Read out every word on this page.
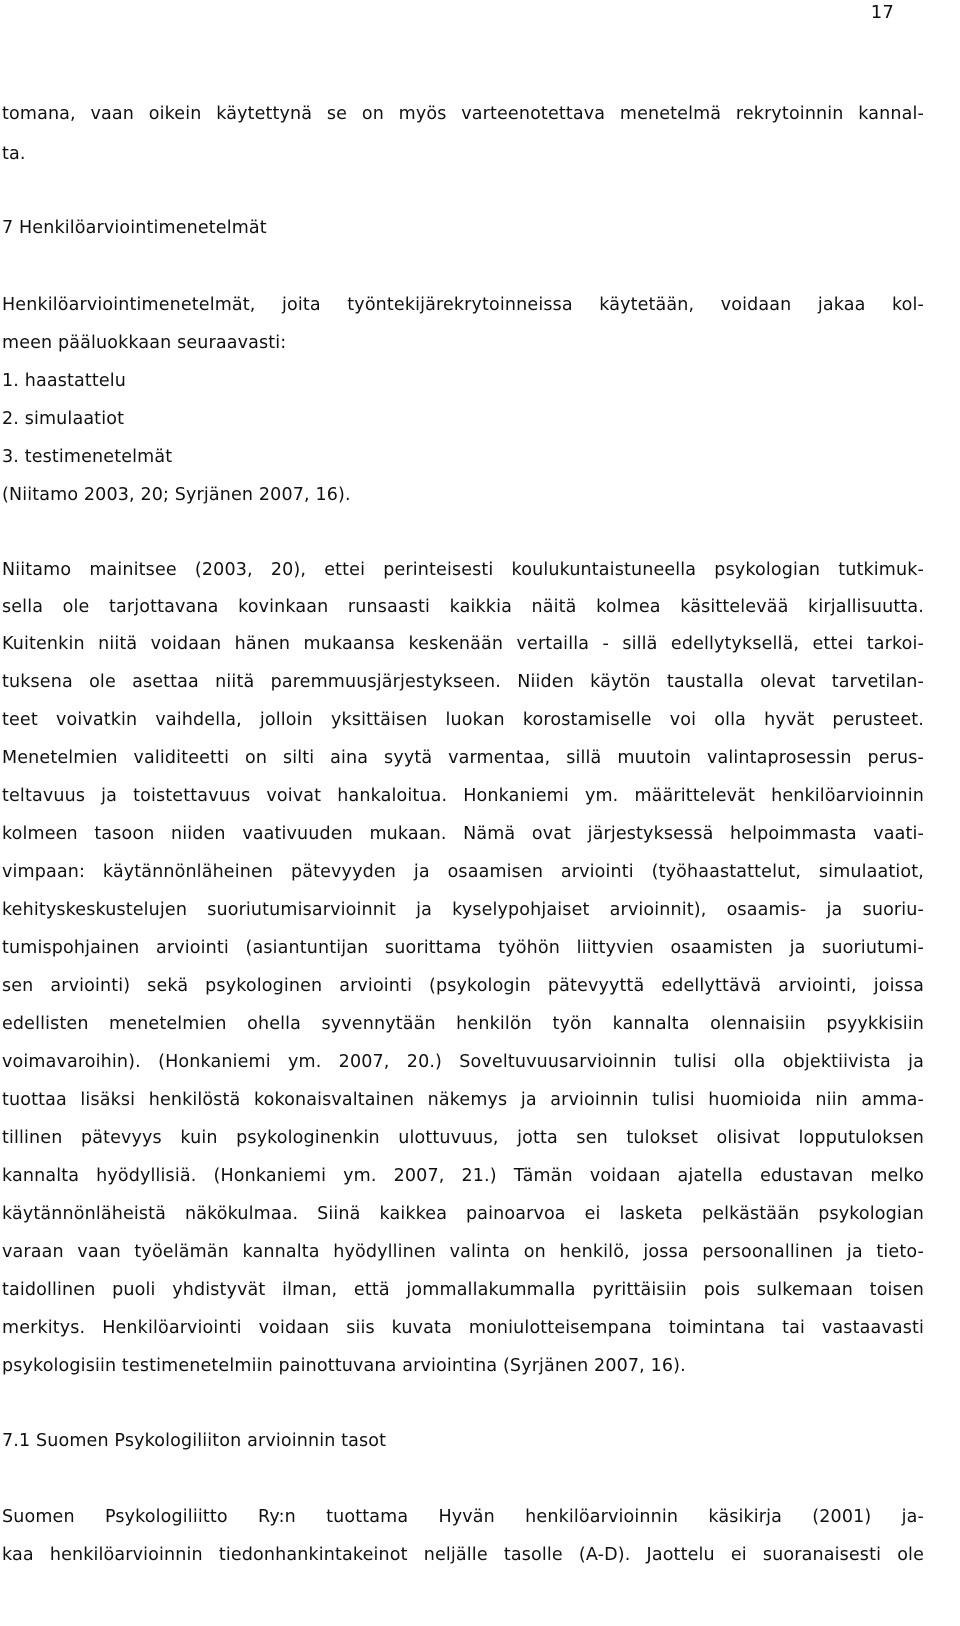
17
tomana, vaan oikein käytettynä se on myös varteenotettava menetelmä rekrytoinnin kannal-
ta.
7 Henkilöarviointimenetelmät
Henkilöarviointimenetelmät, joita työntekijärekrytoinneissa käytetään, voidaan jakaa kol-
meen pääluokkaan seuraavasti:
1. haastattelu
2. simulaatiot
3. testimenetelmät
(Niitamo 2003, 20; Syrjänen 2007, 16).
Niitamo mainitsee (2003, 20), ettei perinteisesti koulukuntaistuneella psykologian tutkimuk-
sella ole tarjottavana kovinkaan runsaasti kaikkia näitä kolmea käsittelevää kirjallisuutta.
Kuitenkin niitä voidaan hänen mukaansa keskenään vertailla - sillä edellytyksellä, ettei tarkoi-
tuksena ole asettaa niitä paremmuusjärjestykseen. Niiden käytön taustalla olevat tarvetilan-
teet voivatkin vaihdella, jolloin yksittäisen luokan korostamiselle voi olla hyvät perusteet.
Menetelmien validiteetti on silti aina syytä varmentaa, sillä muutoin valintaprosessin perus-
teltavuus ja toistettavuus voivat hankaloitua. Honkaniemi ym. määrittelevät henkilöarvioinnin
kolmeen tasoon niiden vaativuuden mukaan. Nämä ovat järjestyksessä helpoimmasta vaati-
vimpaan: käytännönläheinen pätevyyden ja osaamisen arviointi (työhaastattelut, simulaatiot,
kehityskeskustelujen suoriutumisarvioinnit ja kyselypohjaiset arvioinnit), osaamis- ja suoriu-
tumispohjainen arviointi (asiantuntijan suorittama työhön liittyvien osaamisten ja suoriutumi-
sen arviointi) sekä psykologinen arviointi (psykologin pätevyyttä edellyttävä arviointi, joissa
edellisten menetelmien ohella syvennytään henkilön työn kannalta olennaisiin psyykkisiin
voimavaroihin). (Honkaniemi ym. 2007, 20.) Soveltuvuusarvioinnin tulisi olla objektiivista ja
tuottaa lisäksi henkilöstä kokonaisvaltainen näkemys ja arvioinnin tulisi huomioida niin amma-
tillinen pätevyys kuin psykologinenkin ulottuvuus, jotta sen tulokset olisivat lopputuloksen
kannalta hyödyllisiä. (Honkaniemi ym. 2007, 21.) Tämän voidaan ajatella edustavan melko
käytännönläheistä näkökulmaa. Siinä kaikkea painoarvoa ei lasketa pelkästään psykologian
varaan vaan työelämän kannalta hyödyllinen valinta on henkilö, jossa persoonallinen ja tieto-
taidollinen puoli yhdistyvät ilman, että jommallakummalla pyrittäisiin pois sulkemaan toisen
merkitys. Henkilöarviointi voidaan siis kuvata moniulotteisempana toimintana tai vastaavasti
psykologisiin testimenetelmiin painottuvana arviointina (Syrjänen 2007, 16).
7.1 Suomen Psykologiliiton arvioinnin tasot
Suomen Psykologiliitto Ry:n tuottama Hyvän henkilöarvioinnin käsikirja (2001) ja-
kaa henkilöarvioinnin tiedonhankintakeinot neljälle tasolle (A-D). Jaottelu ei suoranaisesti ole
